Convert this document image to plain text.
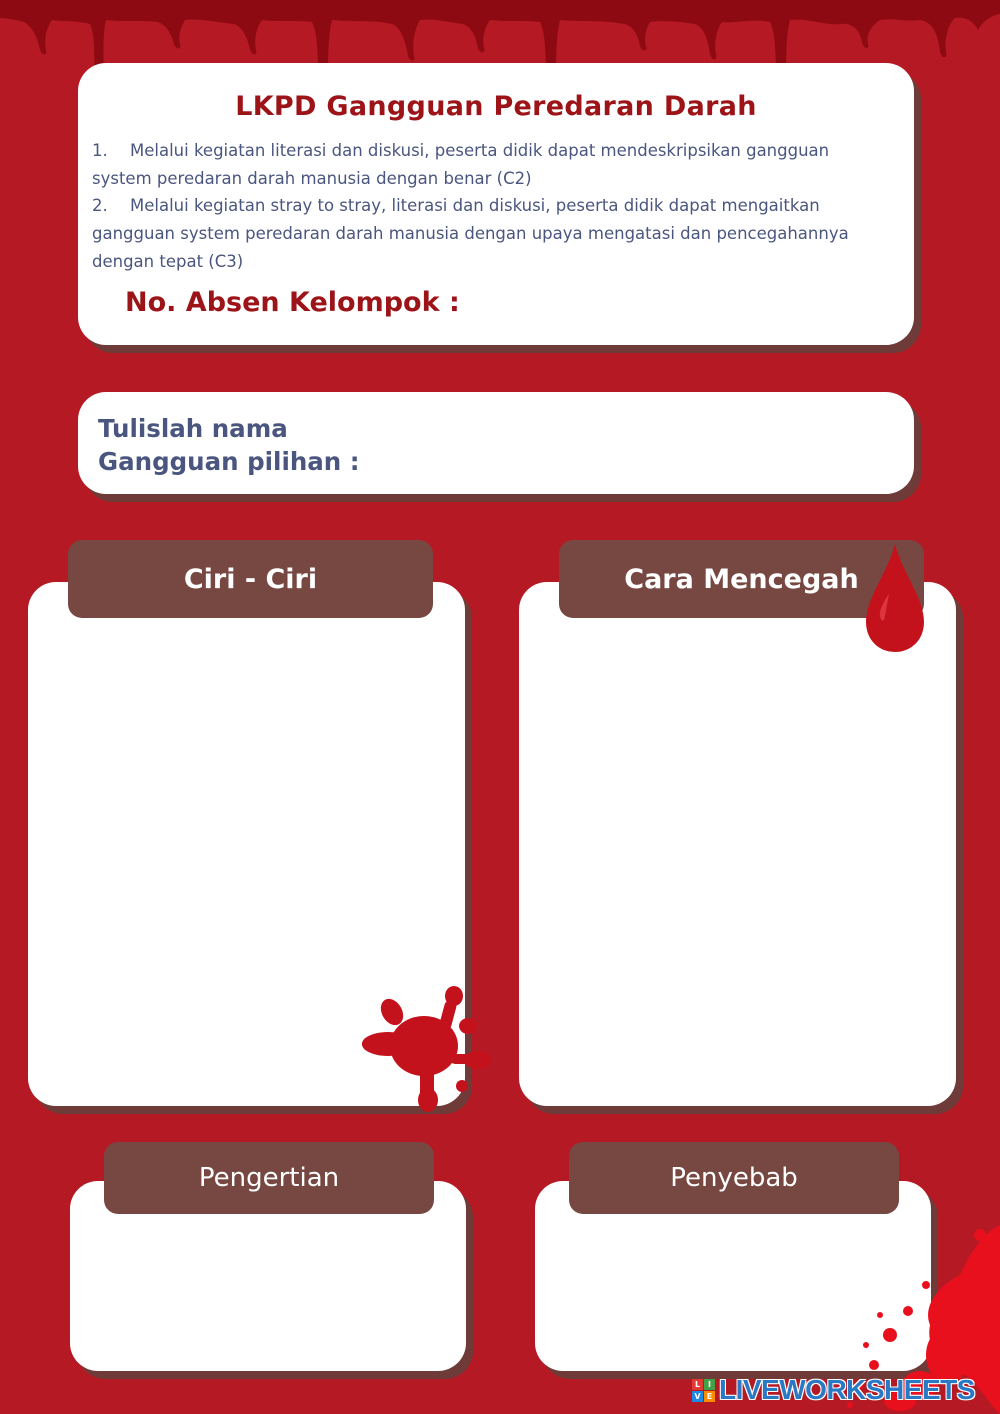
LKPD Gangguan Peredaran Darah
1. Melalui kegiatan literasi dan diskusi, peserta didik dapat mendeskripsikan gangguan system peredaran darah manusia dengan benar (C2)
2. Melalui kegiatan stray to stray, literasi dan diskusi, peserta didik dapat mengaitkan gangguan system peredaran darah manusia dengan upaya mengatasi dan pencegahannya dengan tepat (C3)
No. Absen Kelompok :
Tulislah nama
Gangguan pilihan :
Ciri - Ciri	Cara Mencegah
Pengertian	Penyebab
L I
V E LIVEWORKSHEETS
